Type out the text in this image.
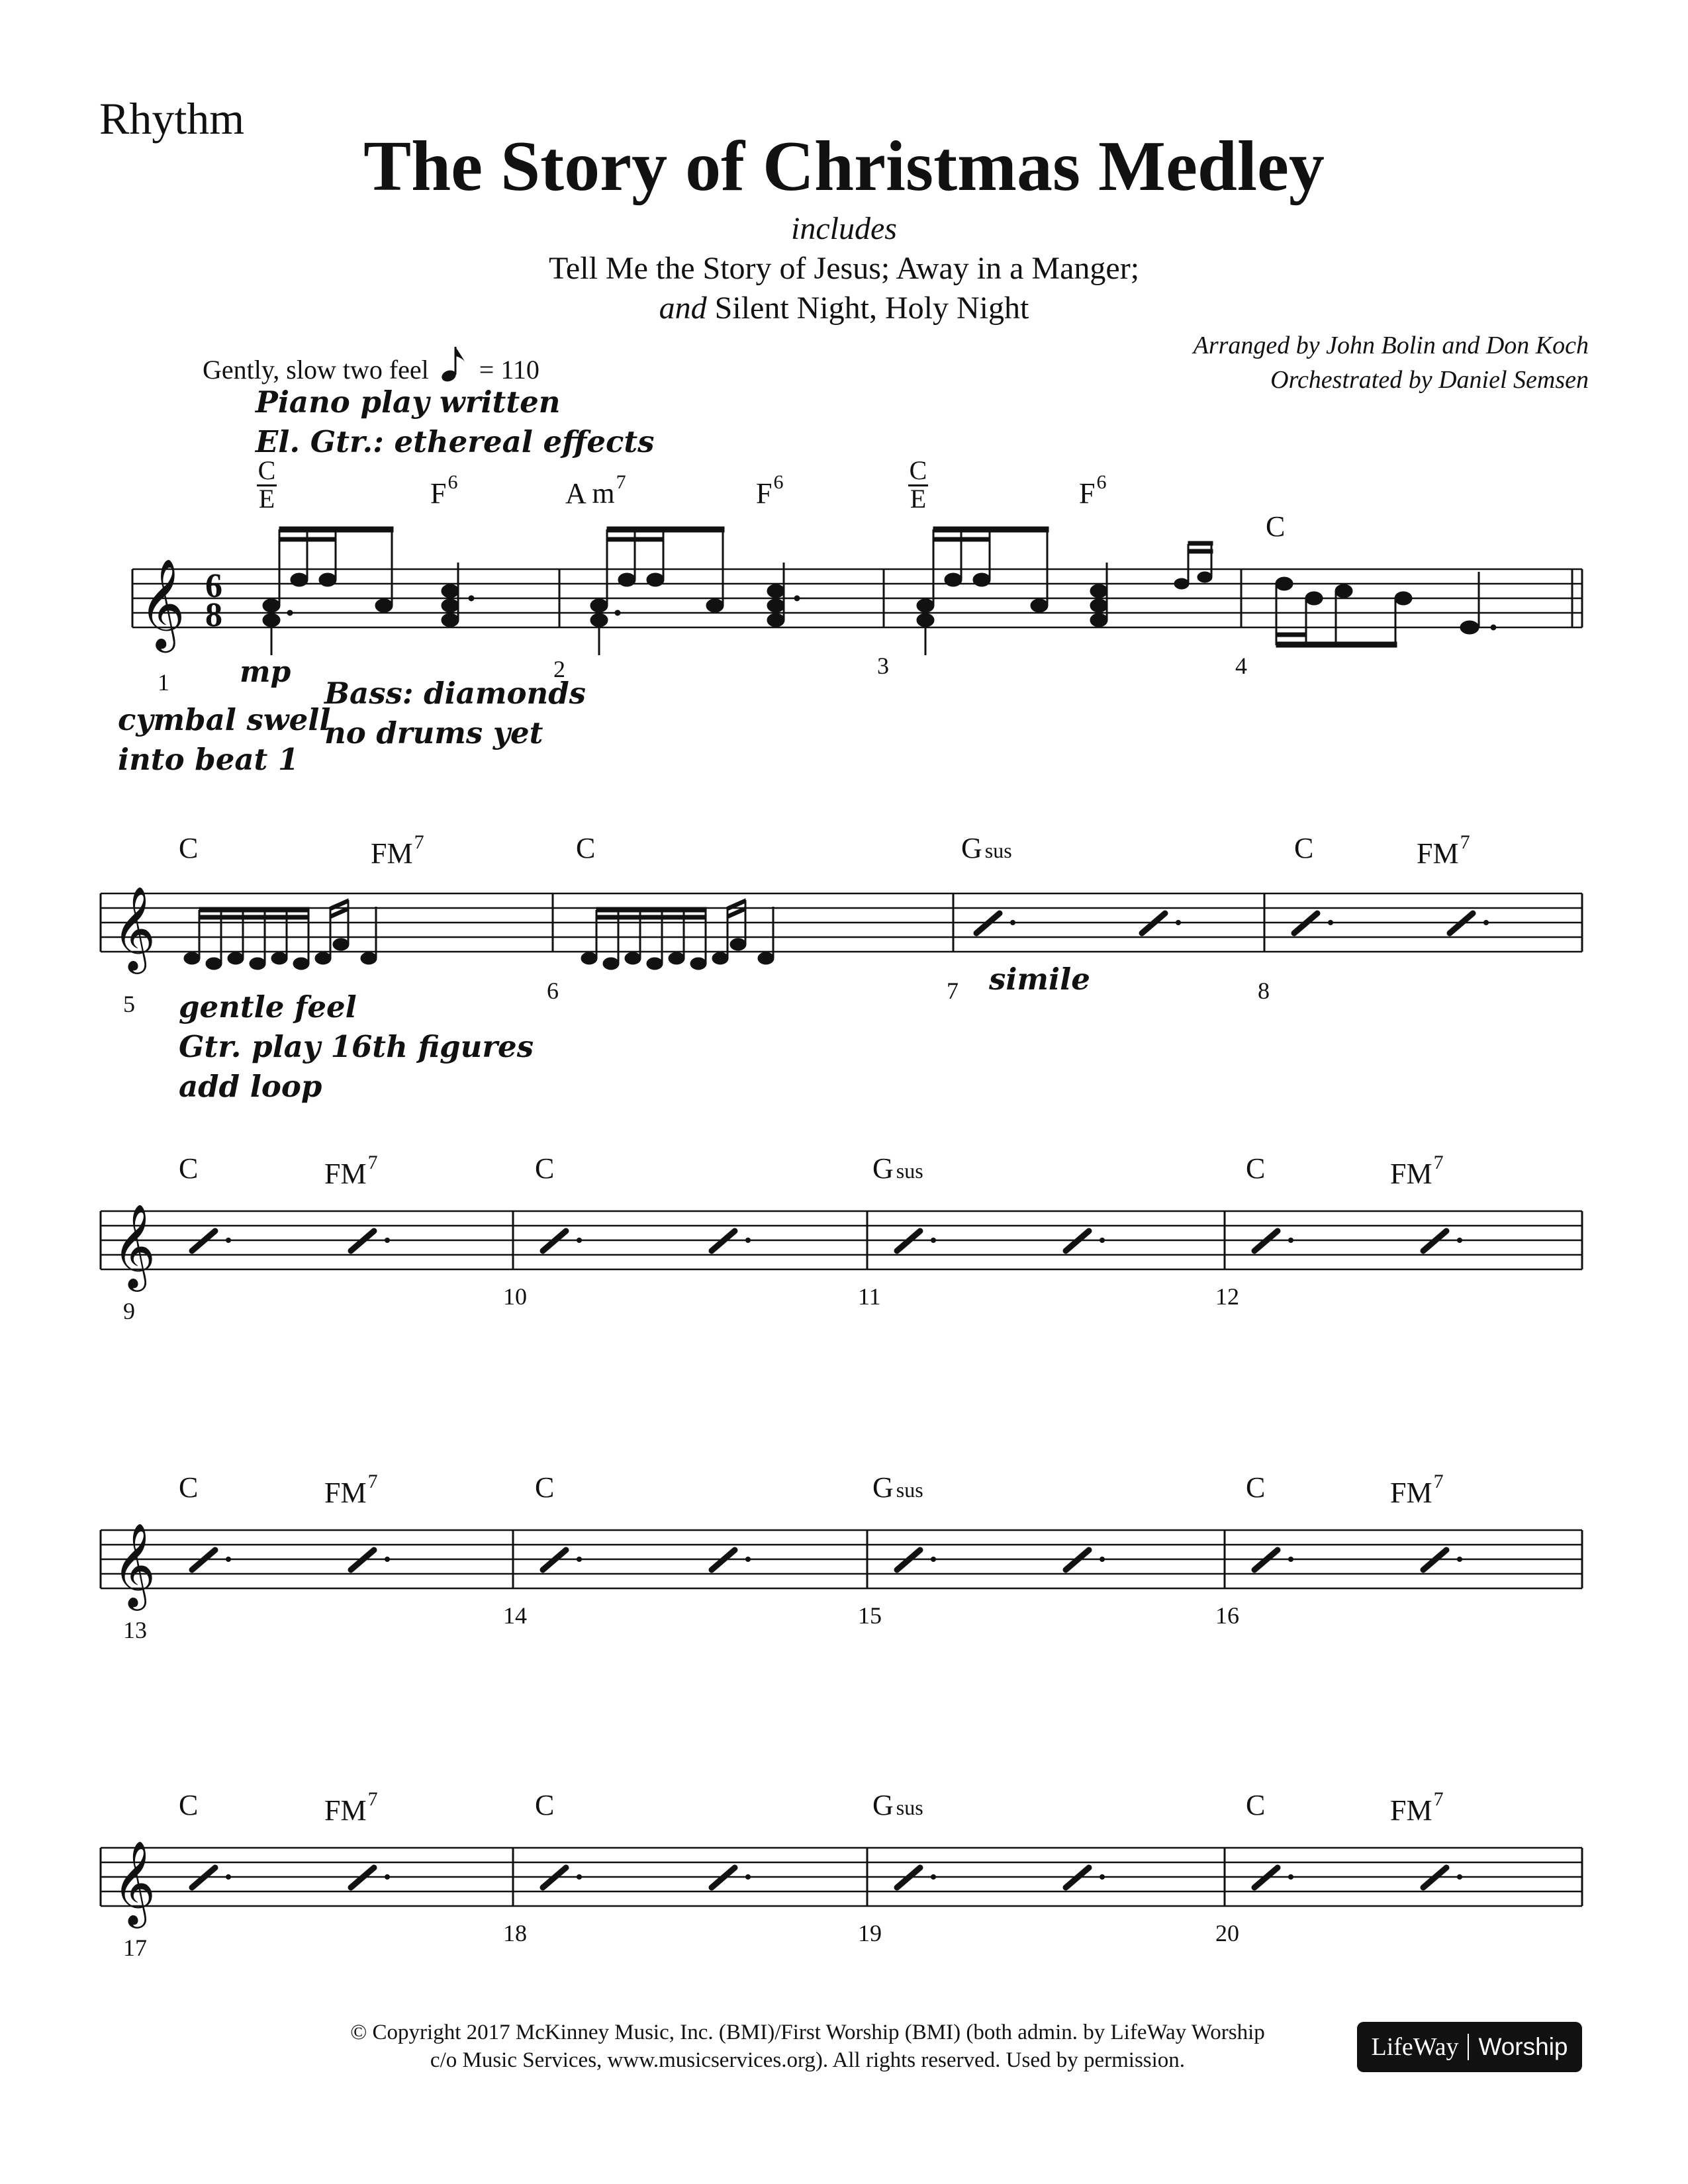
Rhythm
The Story of Christmas Medley
includes
Tell Me the Story of Jesus; Away in a Manger;
and Silent Night, Holy Night
Arranged by John Bolin and Don Koch
Orchestrated by Daniel Semsen
Gently, slow two feel = 110
Piano play written
El. Gtr.: ethereal effects
C
E	$F^6$	A $m^7$	$F^6$	C
E	$F^6$
C
𝄞 6
8
1	2	3	4
mp
cymbal swell
into beat 1
Bass: diamonds
no drums yet
C	$FM^7$	C	G sus	C	$FM^7$
𝄞
5	6	7	8
simile
gentle feel
Gtr. play 16th figures
add loop
C	$FM^7$	C	G sus	C	$FM^7$
𝄞
9
10	11	12
C	$FM^7$	C	G sus	C	$FM^7$
𝄞
13
14	15	16
C	$FM^7$	C	G sus	C	$FM^7$
𝄞
17
18	19	20
© Copyright 2017 McKinney Music, Inc. (BMI)/First Worship (BMI) (both admin. by LifeWay Worship
c/o Music Services, www.musicservices.org). All rights reserved. Used by permission.	LifeWay Worship
